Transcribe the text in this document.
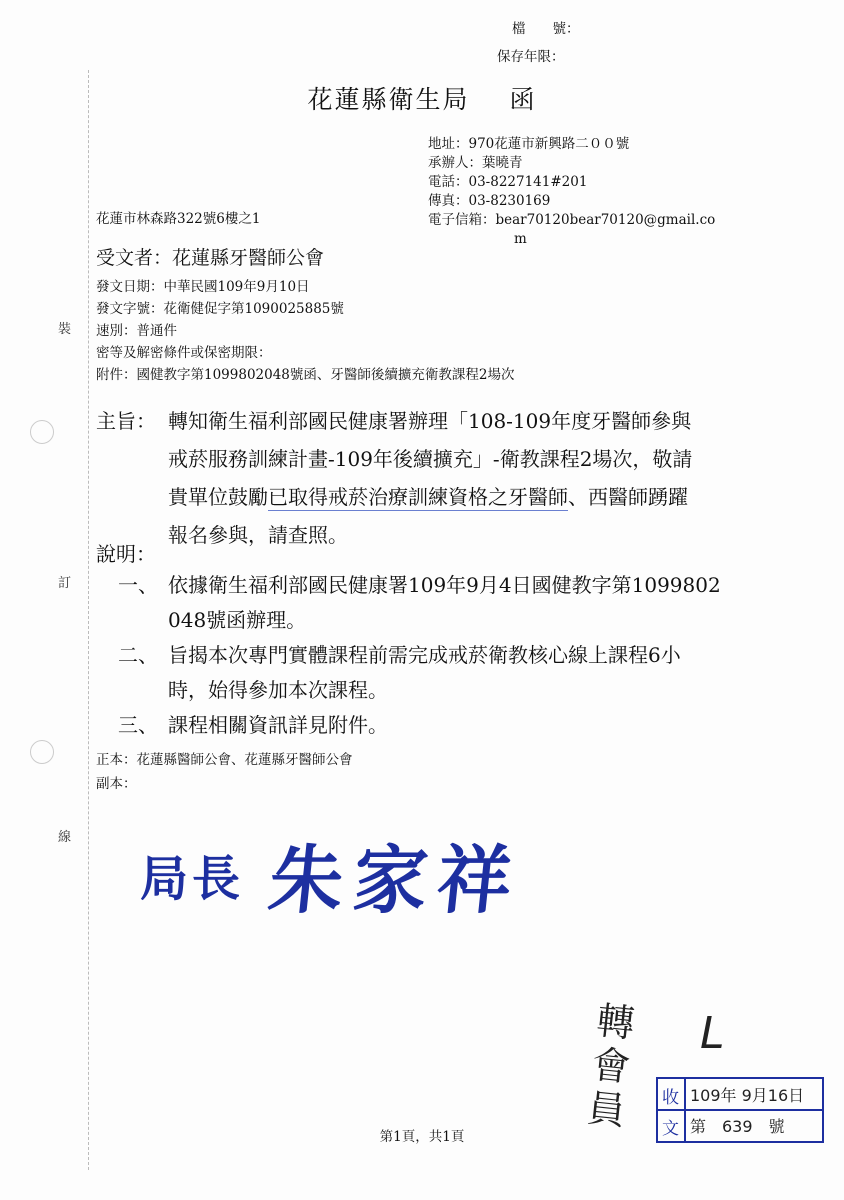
裝
訂
線
檔　　號：
保存年限：
花蓮縣衛生局 函
地址：970花蓮市新興路二００號
承辦人：葉曉青
電話：03-8227141#201
傳真：03-8230169
電子信箱：bear70120bear70120@gmail.co
m
花蓮市林森路322號6樓之1
受文者：花蓮縣牙醫師公會
發文日期：中華民國109年9月10日
發文字號：花衛健促字第1090025885號
速別：普通件
密等及解密條件或保密期限：
附件：國健教字第1099802048號函、牙醫師後續擴充衛教課程2場次
主旨： 轉知衛生福利部國民健康署辦理「108-109年度牙醫師參與
戒菸服務訓練計畫-109年後續擴充」-衛教課程2場次，敬請
貴單位鼓勵已取得戒菸治療訓練資格之牙醫師、西醫師踴躍
報名參與，請查照。
說明：
一、 依據衛生福利部國民健康署109年9月4日國健教字第1099802
048號函辦理。
二、 旨揭本次專門實體課程前需完成戒菸衛教核心線上課程6小
時，始得參加本次課程。
三、 課程相關資訊詳見附件。
正本：花蓮縣醫師公會、花蓮縣牙醫師公會
副本：
局長 朱家祥
轉會員
L
收
文
109年 9月16日
第　639　號
第1頁，共1頁
